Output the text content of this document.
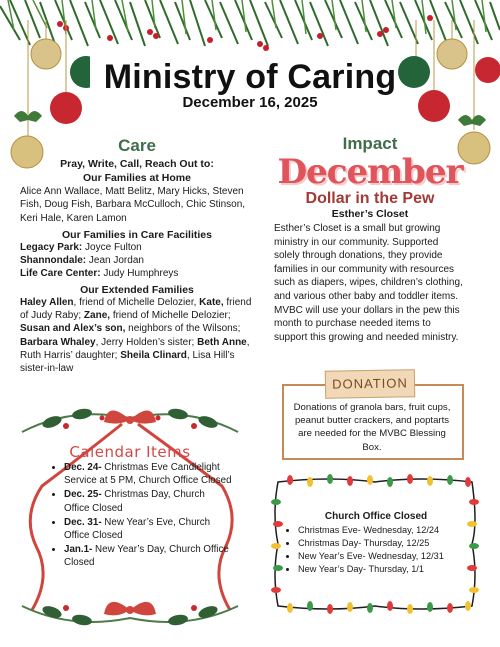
Ministry of Caring
December 16, 2025
Care
Pray, Write, Call, Reach Out to:
Our Families at Home
Alice Ann Wallace, Matt Belitz, Mary Hicks, Steven Fish, Doug Fish, Barbara McCulloch, Chic Stinson, Keri Hale, Karen Lamon
Our Families in Care Facilities
Legacy Park: Joyce Fulton
Shannondale: Jean Jordan
Life Care Center: Judy Humphreys
Our Extended Families
Haley Allen, friend of Michelle Delozier, Kate, friend of Judy Raby; Zane, friend of Michelle Delozier; Susan and Alex’s son, neighbors of the Wilsons; Barbara Whaley, Jerry Holden’s sister; Beth Anne, Ruth Harris’ daughter; Sheila Clinard, Lisa Hill’s sister-in-law
Impact
December
Dollar in the Pew
Esther’s Closet
Esther’s Closet is a small but growing ministry in our community. Supported solely through donations, they provide families in our community with resources such as diapers, wipes, children’s clothing, and various other baby and toddler items. MVBC will use your dollars in the pew this month to purchase needed items to support this growing and needed ministry.
DONATION
Donations of granola bars, fruit cups, peanut butter crackers, and poptarts are needed for the MVBC Blessing Box.
Calendar Items
• Dec. 24- Christmas Eve Candlelight Service at 5 PM, Church Office Closed
• Dec. 25- Christmas Day, Church Office Closed
• Dec. 31- New Year’s Eve, Church Office Closed
• Jan.1- New Year’s Day, Church Office Closed
Church Office Closed
• Christmas Eve- Wednesday, 12/24
• Christmas Day- Thursday, 12/25
• New Year’s Eve- Wednesday, 12/31
• New Year’s Day- Thursday, 1/1
